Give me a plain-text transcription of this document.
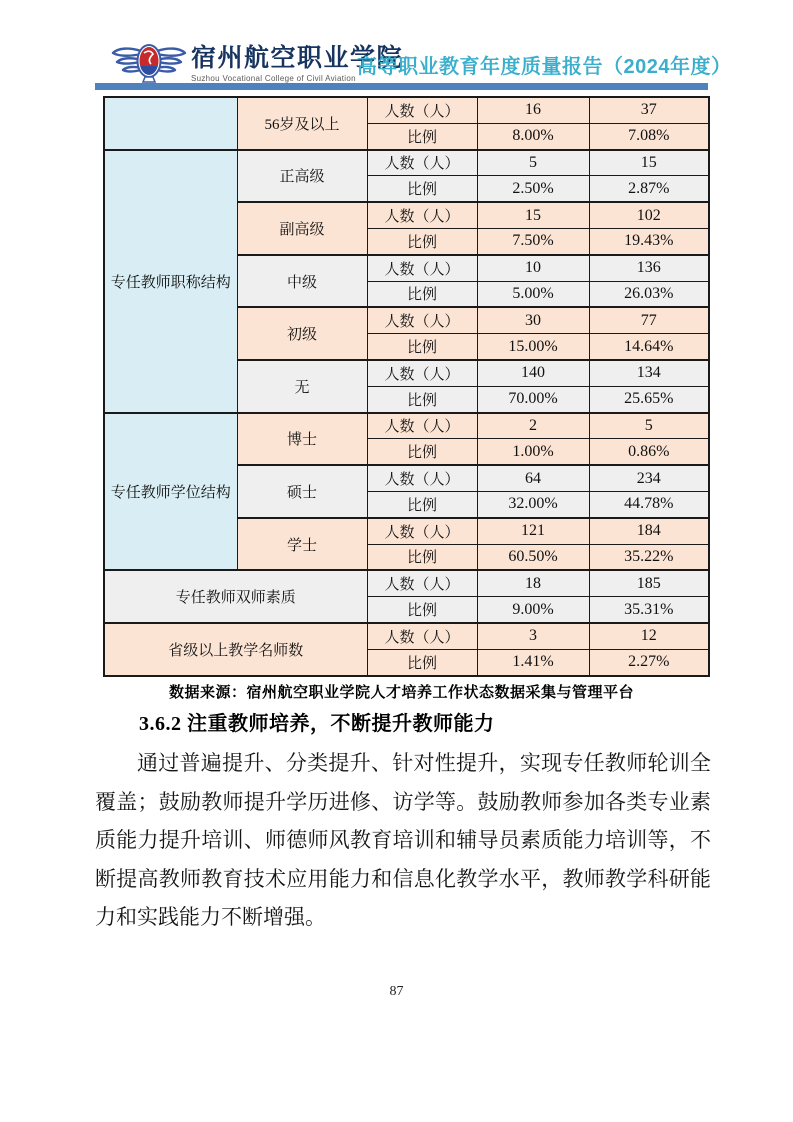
宿州航空职业学院
Suzhou Vocational College of Civil Aviation
高等职业教育年度质量报告（2024年度）
	56岁及以上	人数（人）	16	37
		比例	8.00%	7.08%
专任教师职称结构	正高级	人数（人）	5	15
		比例	2.50%	2.87%
	副高级	人数（人）	15	102
		比例	7.50%	19.43%
	中级	人数（人）	10	136
		比例	5.00%	26.03%
	初级	人数（人）	30	77
		比例	15.00%	14.64%
	无	人数（人）	140	134
		比例	70.00%	25.65%
专任教师学位结构	博士	人数（人）	2	5
		比例	1.00%	0.86%
	硕士	人数（人）	64	234
		比例	32.00%	44.78%
	学士	人数（人）	121	184
		比例	60.50%	35.22%
专任教师双师素质		人数（人）	18	185
		比例	9.00%	35.31%
省级以上教学名师数		人数（人）	3	12
		比例	1.41%	2.27%
数据来源：宿州航空职业学院人才培养工作状态数据采集与管理平台
3.6.2 注重教师培养，不断提升教师能力
通过普遍提升、分类提升、针对性提升，实现专任教师轮训全覆盖；鼓励教师提升学历进修、访学等。鼓励教师参加各类专业素质能力提升培训、师德师风教育培训和辅导员素质能力培训等，不断提高教师教育技术应用能力和信息化教学水平，教师教学科研能力和实践能力不断增强。
87
